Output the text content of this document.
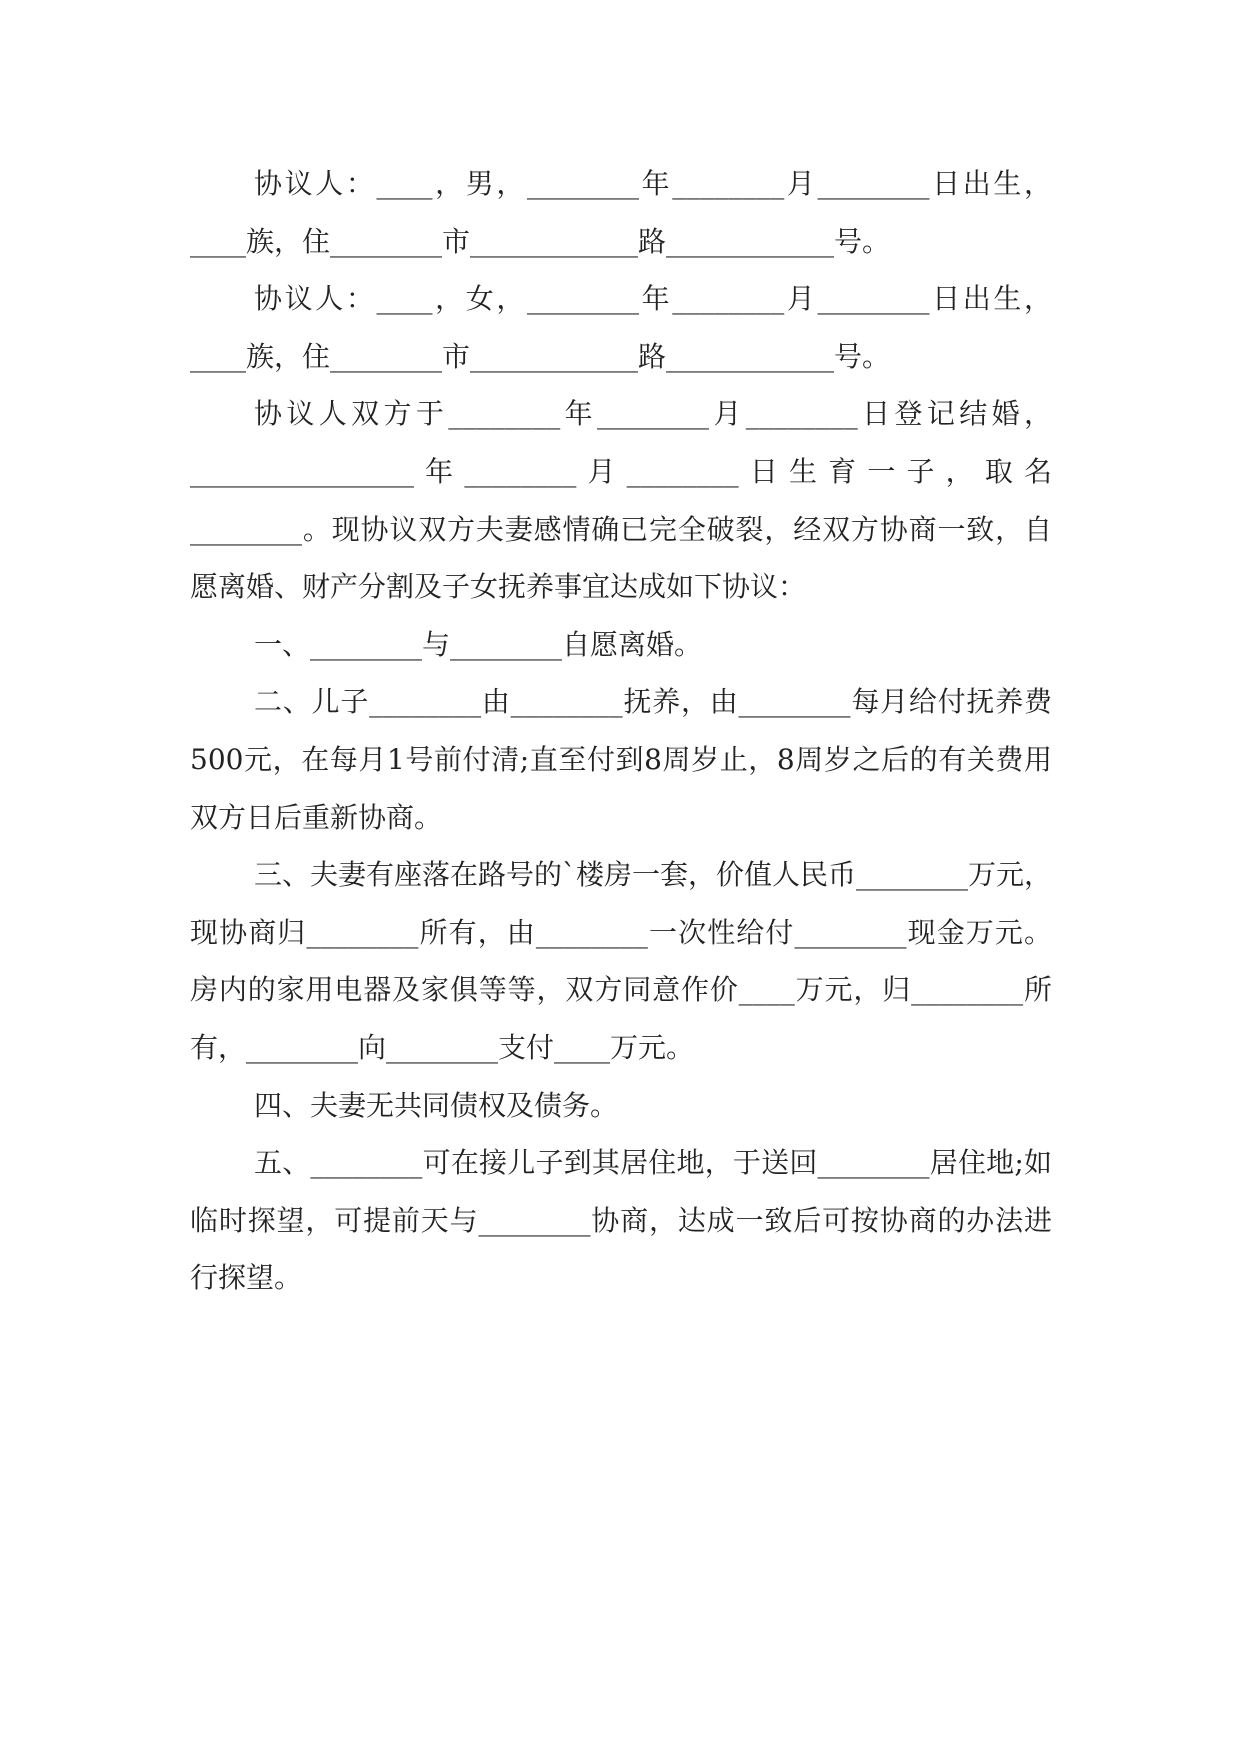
协议人：____，男，________年________月________日出生，____族，住________市____________路____________号。

协议人：____，女，________年________月________日出生，____族，住________市____________路____________号。

协议人双方于________年________月________日登记结婚，________________年________月________日生育一子，取名________。现协议双方夫妻感情确已完全破裂，经双方协商一致，自愿离婚、财产分割及子女抚养事宜达成如下协议：

一、________与________自愿离婚。

二、儿子________由________抚养，由________每月给付抚养费500元，在每月1号前付清;直至付到8周岁止，8周岁之后的有关费用双方日后重新协商。

三、夫妻有座落在路号的`楼房一套，价值人民币________万元，现协商归________所有，由________一次性给付________现金万元。房内的家用电器及家俱等等，双方同意作价____万元，归________所有，________向________支付____万元。

四、夫妻无共同债权及债务。

五、________可在接儿子到其居住地，于送回________居住地;如临时探望，可提前天与________协商，达成一致后可按协商的办法进行探望。
